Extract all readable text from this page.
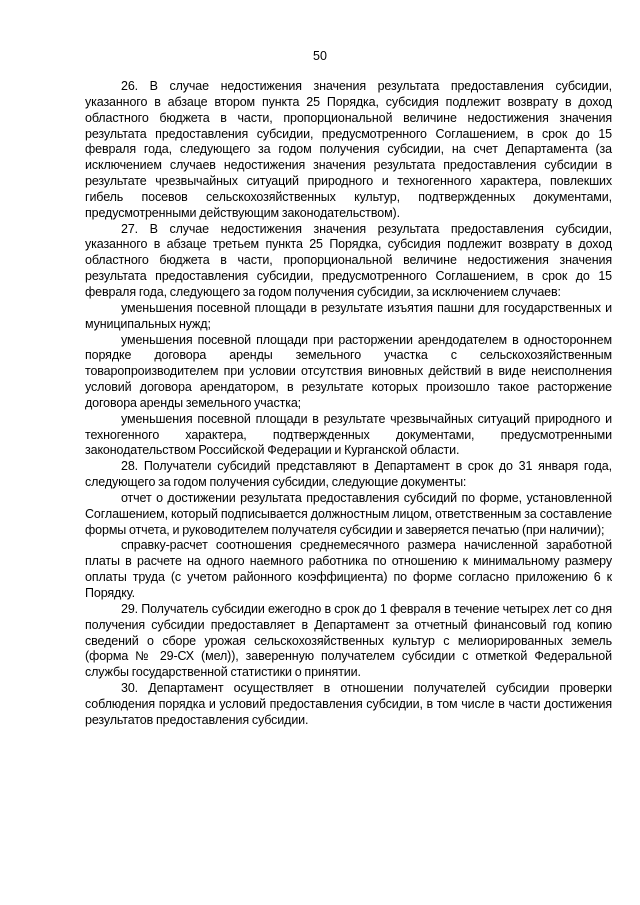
50

26. В случае недостижения значения результата предоставления субсидии, указанного в абзаце втором пункта 25 Порядка, субсидия подлежит возврату в доход областного бюджета в части, пропорциональной величине недостижения значения результата предоставления субсидии, предусмотренного Соглашением, в срок до 15 февраля года, следующего за годом получения субсидии, на счет Департамента (за исключением случаев недостижения значения результата предоставления субсидии в результате чрезвычайных ситуаций природного и техногенного характера, повлекших гибель посевов сельскохозяйственных культур, подтвержденных документами, предусмотренными действующим законодательством).

27. В случае недостижения значения результата предоставления субсидии, указанного в абзаце третьем пункта 25 Порядка, субсидия подлежит возврату в доход областного бюджета в части, пропорциональной величине недостижения значения результата предоставления субсидии, предусмотренного Соглашением, в срок до 15 февраля года, следующего за годом получения субсидии, за исключением случаев:

уменьшения посевной площади в результате изъятия пашни для государственных и муниципальных нужд;

уменьшения посевной площади при расторжении арендодателем в одностороннем порядке договора аренды земельного участка с сельскохозяйственным товаропроизводителем при условии отсутствия виновных действий в виде неисполнения условий договора арендатором, в результате которых произошло такое расторжение договора аренды земельного участка;

уменьшения посевной площади в результате чрезвычайных ситуаций природного и техногенного характера, подтвержденных документами, предусмотренными законодательством Российской Федерации и Курганской области.

28. Получатели субсидий представляют в Департамент в срок до 31 января года, следующего за годом получения субсидии, следующие документы:

отчет о достижении результата предоставления субсидий по форме, установленной Соглашением, который подписывается должностным лицом, ответственным за составление формы отчета, и руководителем получателя субсидии и заверяется печатью (при наличии);

справку-расчет соотношения среднемесячного размера начисленной заработной платы в расчете на одного наемного работника по отношению к минимальному размеру оплаты труда (с учетом районного коэффициента) по форме согласно приложению 6 к Порядку.

29. Получатель субсидии ежегодно в срок до 1 февраля в течение четырех лет со дня получения субсидии предоставляет в Департамент за отчетный финансовый год копию сведений о сборе урожая сельскохозяйственных культур с мелиорированных земель (форма № 29-СХ (мел)), заверенную получателем субсидии с отметкой Федеральной службы государственной статистики о принятии.

30. Департамент осуществляет в отношении получателей субсидии проверки соблюдения порядка и условий предоставления субсидии, в том числе в части достижения результатов предоставления субсидии.
